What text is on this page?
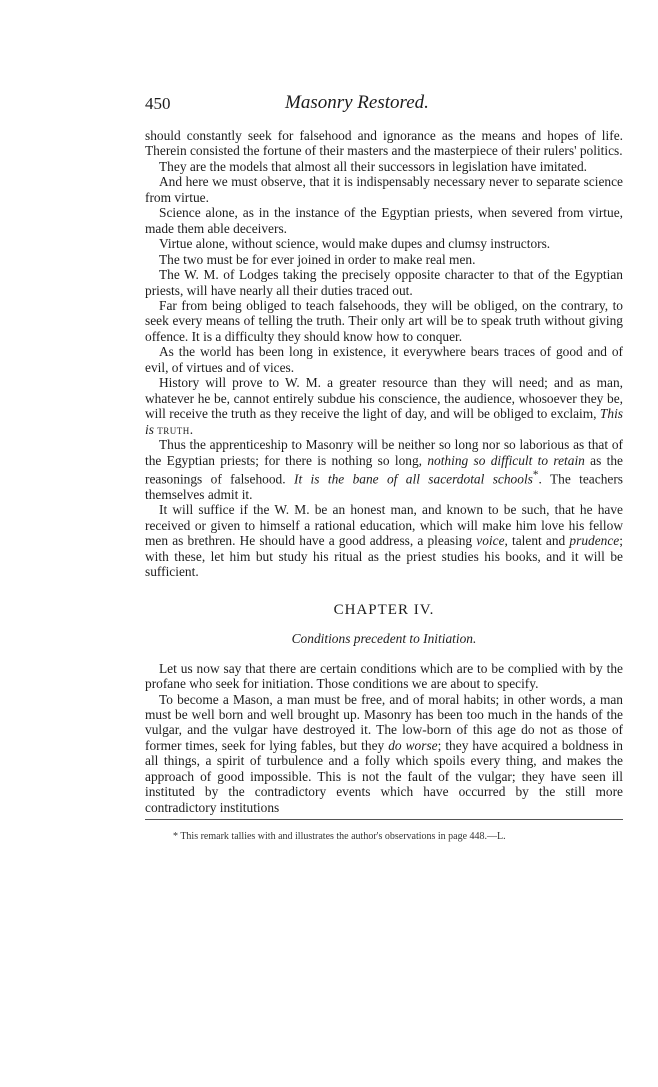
450	Masonry Restored.

should constantly seek for falsehood and ignorance as the means and hopes of life. Therein consisted the fortune of their masters and the masterpiece of their rulers' politics.

They are the models that almost all their successors in legislation have imitated.

And here we must observe, that it is indispensably necessary never to separate science from virtue.

Science alone, as in the instance of the Egyptian priests, when severed from virtue, made them able deceivers.

Virtue alone, without science, would make dupes and clumsy instructors.

The two must be for ever joined in order to make real men.

The W. M. of Lodges taking the precisely opposite character to that of the Egyptian priests, will have nearly all their duties traced out.

Far from being obliged to teach falsehoods, they will be obliged, on the contrary, to seek every means of telling the truth. Their only art will be to speak truth without giving offence. It is a difficulty they should know how to conquer.

As the world has been long in existence, it everywhere bears traces of good and of evil, of virtues and of vices.

History will prove to W. M. a greater resource than they will need; and as man, whatever he be, cannot entirely subdue his conscience, the audience, whosoever they be, will receive the truth as they receive the light of day, and will be obliged to exclaim, This is truth.

Thus the apprenticeship to Masonry will be neither so long nor so laborious as that of the Egyptian priests; for there is nothing so long, nothing so difficult to retain as the reasonings of falsehood. It is the bane of all sacerdotal schools*. The teachers themselves admit it.

It will suffice if the W. M. be an honest man, and known to be such, that he have received or given to himself a rational education, which will make him love his fellow men as brethren. He should have a good address, a pleasing voice, talent and prudence; with these, let him but study his ritual as the priest studies his books, and it will be sufficient.

CHAPTER IV.
Conditions precedent to Initiation.

Let us now say that there are certain conditions which are to be complied with by the profane who seek for initiation. Those conditions we are about to specify.

To become a Mason, a man must be free, and of moral habits; in other words, a man must be well born and well brought up. Masonry has been too much in the hands of the vulgar, and the vulgar have destroyed it. The low-born of this age do not as those of former times, seek for lying fables, but they do worse; they have acquired a boldness in all things, a spirit of turbulence and a folly which spoils every thing, and makes the approach of good impossible. This is not the fault of the vulgar; they have seen ill instituted by the contradictory events which have occurred by the still more contradictory institutions

* This remark tallies with and illustrates the author's observations in page 448.—L.
